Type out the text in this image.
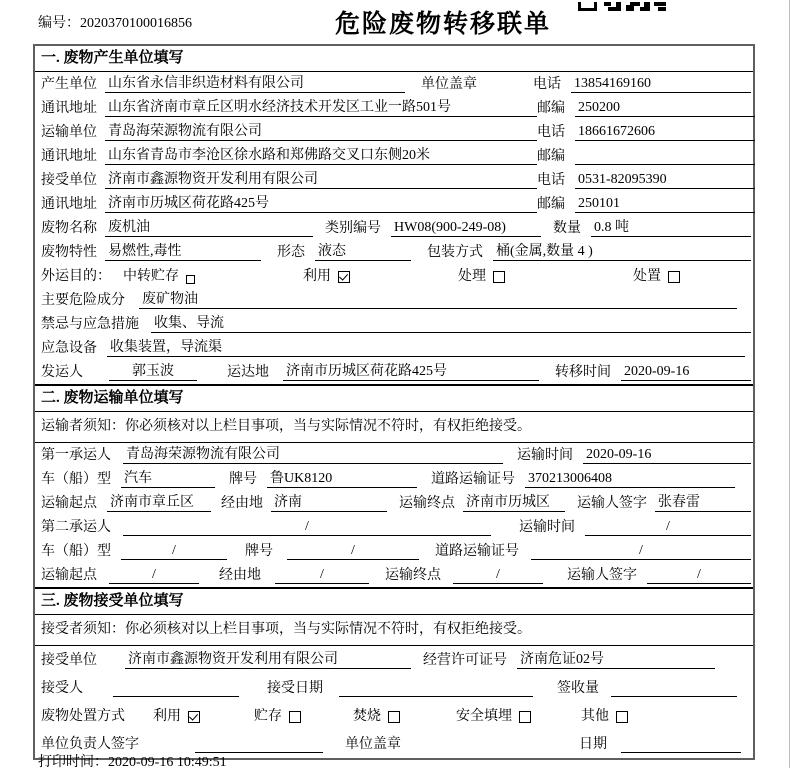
编号：2020370100016856	危险废物转移联单
一. 废物产生单位填写
产生单位 山东省永信非织造材料有限公司	单位盖章	电话 13854169160
通讯地址 山东省济南市章丘区明水经济技术开发区工业一路501号	邮编 250200
运输单位 青岛海荣源物流有限公司	电话 18661672606
通讯地址 山东省青岛市李沧区徐水路和郑佛路交叉口东侧20米	邮编
接受单位 济南市鑫源物资开发利用有限公司	电话 0531-82095390
通讯地址 济南市历城区荷花路425号	邮编 250101
废物名称 废机油	类别编号 HW08(900-249-08)	数量 0.8 吨
废物特性 易燃性,毒性	形态 液态	包装方式 桶(金属,数量 4 )
外运目的： 中转贮存	利用	处理	处置
主要危险成分 废矿物油
禁忌与应急措施 收集、导流
应急设备 收集装置，导流渠
发运人	郭玉波	运达地 济南市历城区荷花路425号	转移时间 2020-09-16
二. 废物运输单位填写
运输者须知：你必须核对以上栏目事项，当与实际情况不符时，有权拒绝接受。
第一承运人 青岛海荣源物流有限公司	运输时间 2020-09-16
车（船）型 汽车	牌号 鲁UK8120	道路运输证号 370213006408
运输起点 济南市章丘区	经由地 济南	运输终点 济南市历城区	运输人签字 张春雷
第二承运人	/	运输时间	/
车（船）型	/	牌号	/	道路运输证号	/
运输起点	/	经由地	/	运输终点	/	运输人签字	/
三. 废物接受单位填写
接受者须知：你必须核对以上栏目事项，当与实际情况不符时，有权拒绝接受。
接受单位 济南市鑫源物资开发利用有限公司	经营许可证号 济南危证02号
接受人	接受日期	签收量
废物处置方式 利用	贮存	焚烧	安全填埋	其他
单位负责人签字	单位盖章	日期
打印时间：2020-09-16 10:49:51
